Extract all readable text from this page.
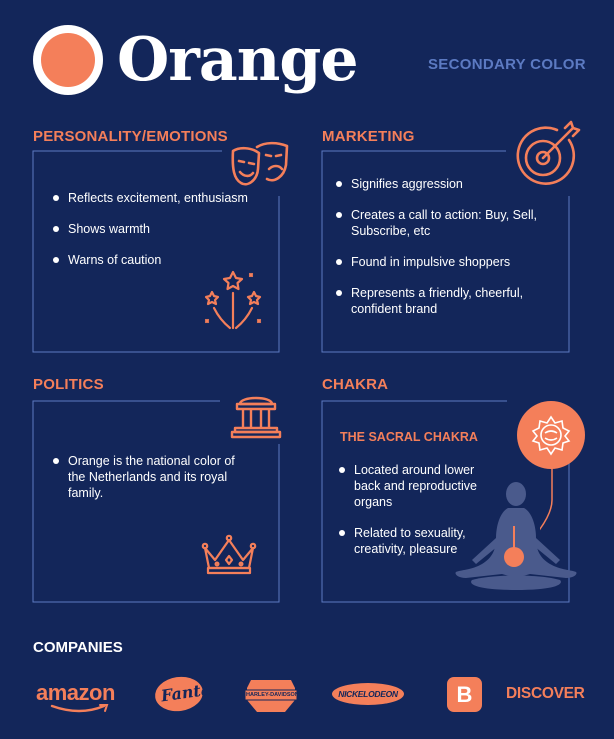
Orange	SECONDARY COLOR
PERSONALITY/EMOTIONS
Reflects excitement, enthusiasm
Shows warmth
Warns of caution
MARKETING
Signifies aggression
Creates a call to action: Buy, Sell, Subscribe, etc
Found in impulsive shoppers
Represents a friendly, cheerful, confident brand
POLITICS
Orange is the national color of the Netherlands and its royal family.
CHAKRA
THE SACRAL CHAKRA
Located around lower back and reproductive organs
Related to sexuality, creativity, pleasure
COMPANIES
amazon	Fanta	HARLEY-DAVIDSON	NICKELODEON	B	DISCOVER
